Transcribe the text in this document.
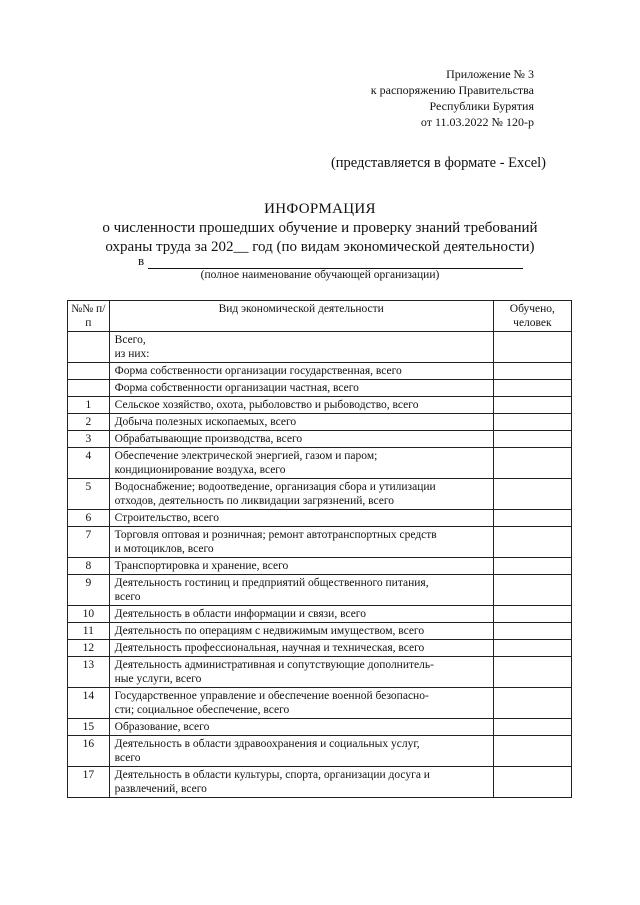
Приложение № 3
к распоряжению Правительства
Республики Бурятия
от 11.03.2022 № 120-р
(представляется в формате - Excel)
ИНФОРМАЦИЯ
о численности прошедших обучение и проверку знаний требований
охраны труда за 202__ год (по видам экономической деятельности)
в
(полное наименование обучающей организации)
№№ п/п	Вид экономической деятельности	Обучено, человек

	Всего,
из них:	

	Форма собственности организации государственная, всего	

	Форма собственности организации частная, всего	

1	Сельское хозяйство, охота, рыболовство и рыбоводство, всего	

2	Добыча полезных ископаемых, всего	

3	Обрабатывающие производства, всего	

4	Обеспечение электрической энергией, газом и паром;
кондиционирование воздуха, всего	

5	Водоснабжение; водоотведение, организация сбора и утилизации
отходов, деятельность по ликвидации загрязнений, всего	

6	Строительство, всего	

7	Торговля оптовая и розничная; ремонт автотранспортных средств
и мотоциклов, всего	

8	Транспортировка и хранение, всего	

9	Деятельность гостиниц и предприятий общественного питания,
всего	

10	Деятельность в области информации и связи, всего	

11	Деятельность по операциям с недвижимым имуществом, всего	

12	Деятельность профессиональная, научная и техническая, всего	

13	Деятельность административная и сопутствующие дополнитель-
ные услуги, всего	

14	Государственное управление и обеспечение военной безопасно-
сти; социальное обеспечение, всего	

15	Образование, всего	

16	Деятельность в области здравоохранения и социальных услуг,
всего	

17	Деятельность в области культуры, спорта, организации досуга и
развлечений, всего	
